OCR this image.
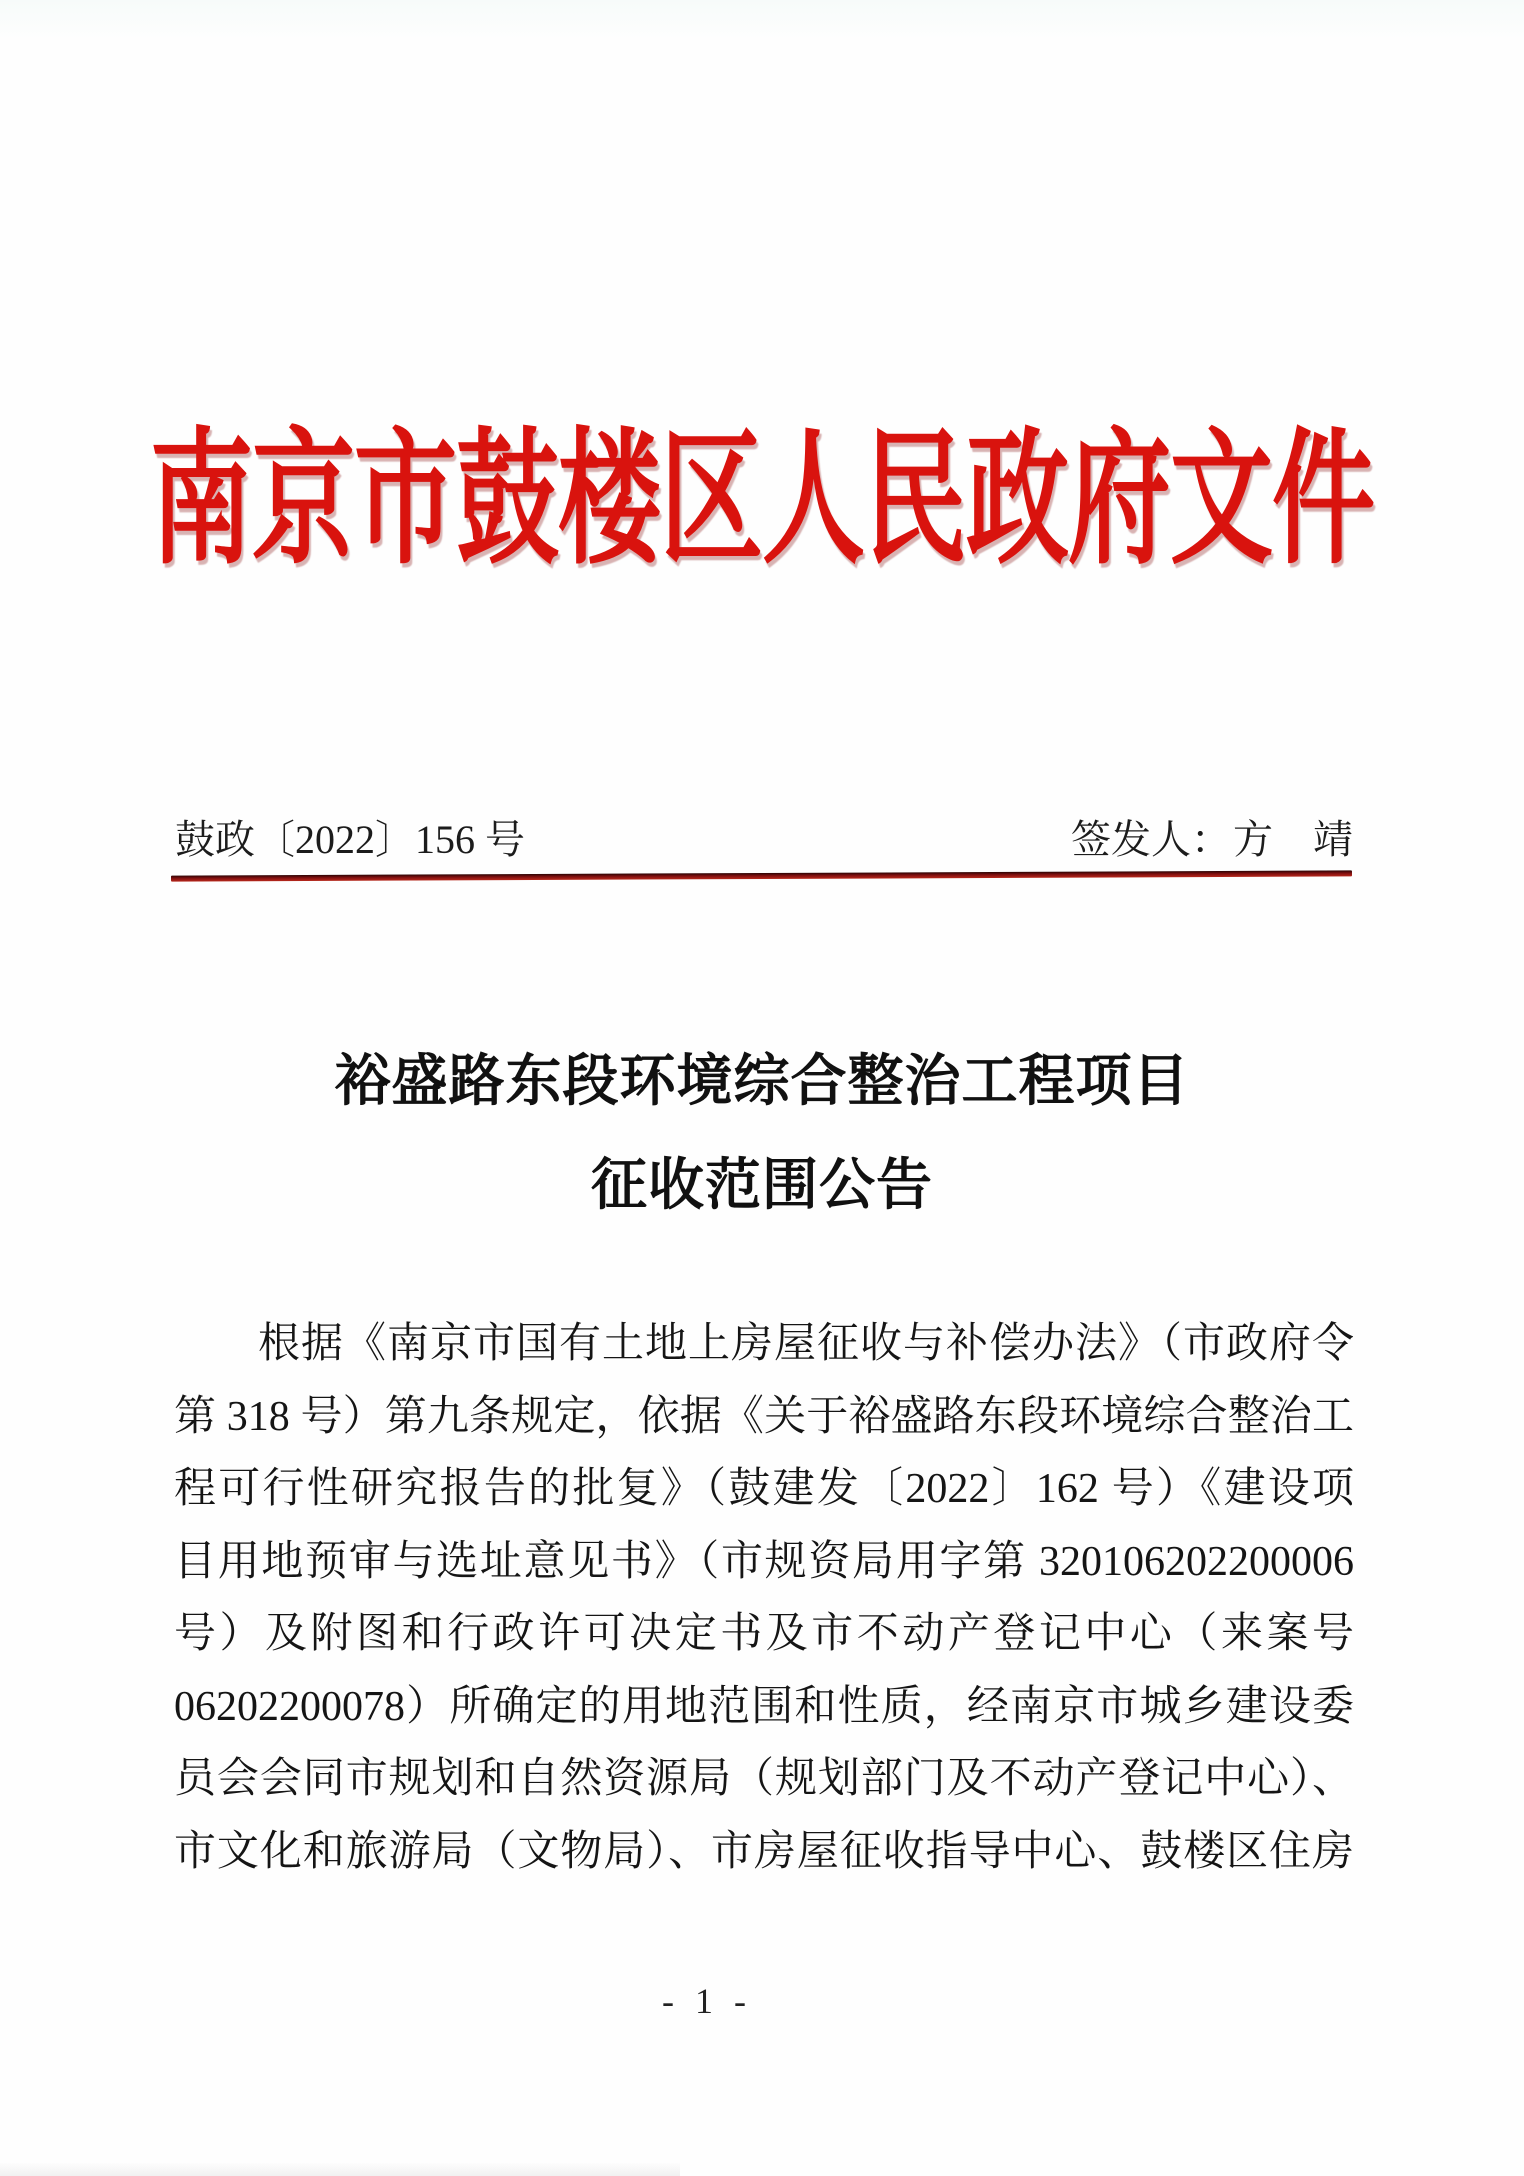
南京市鼓楼区人民政府文件
鼓政〔2022〕156 号	签发人： 方　靖
裕盛路东段环境综合整治工程项目
征收范围公告
根据《南京市国有土地上房屋征收与补偿办法》（市政府令
第 318 号）第九条规定，依据《关于裕盛路东段环境综合整治工
程可行性研究报告的批复》（鼓建发〔2022〕162 号）《建设项
目用地预审与选址意见书》（市规资局用字第 320106202200006
号）及附图和行政许可决定书及市不动产登记中心（来案号
06202200078）所确定的用地范围和性质，经南京市城乡建设委
员会会同市规划和自然资源局（规划部门及不动产登记中心）、
市文化和旅游局（文物局）、市房屋征收指导中心、鼓楼区住房
- 1 -
